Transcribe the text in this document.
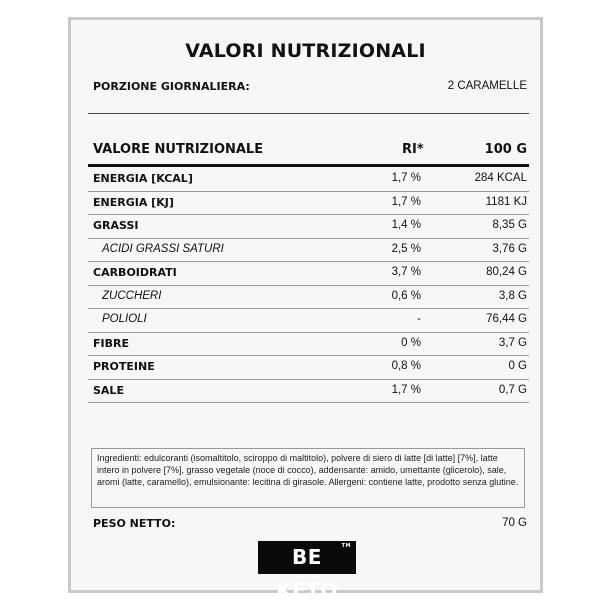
VALORI NUTRIZIONALI
PORZIONE GIORNALIERA:	2 CARAMELLE
VALORE NUTRIZIONALE	RI*	100 G
ENERGIA [KCAL]	1,7 %	284 KCAL
ENERGIA [KJ]	1,7 %	1181 KJ
GRASSI	1,4 %	8,35 G
ACIDI GRASSI SATURI	2,5 %	3,76 G
CARBOIDRATI	3,7 %	80,24 G
ZUCCHERI	0,6 %	3,8 G
POLIOLI	-	76,44 G
FIBRE	0 %	3,7 G
PROTEINE	0,8 %	0 G
SALE	1,7 %	0,7 G
Ingredienti: edulcoranti (isomaltitolo, sciroppo di maltitolo), polvere di siero di latte [di latte] [7%], latte intero in polvere [7%], grasso vegetale (noce di cocco), addensante: amido, umettante (glicerolo), sale, aromi (latte, caramello), emulsionante: lecitina di girasole. Allergeni: contiene latte, prodotto senza glutine.
PESO NETTO:	70 G
BE KETO
TM
